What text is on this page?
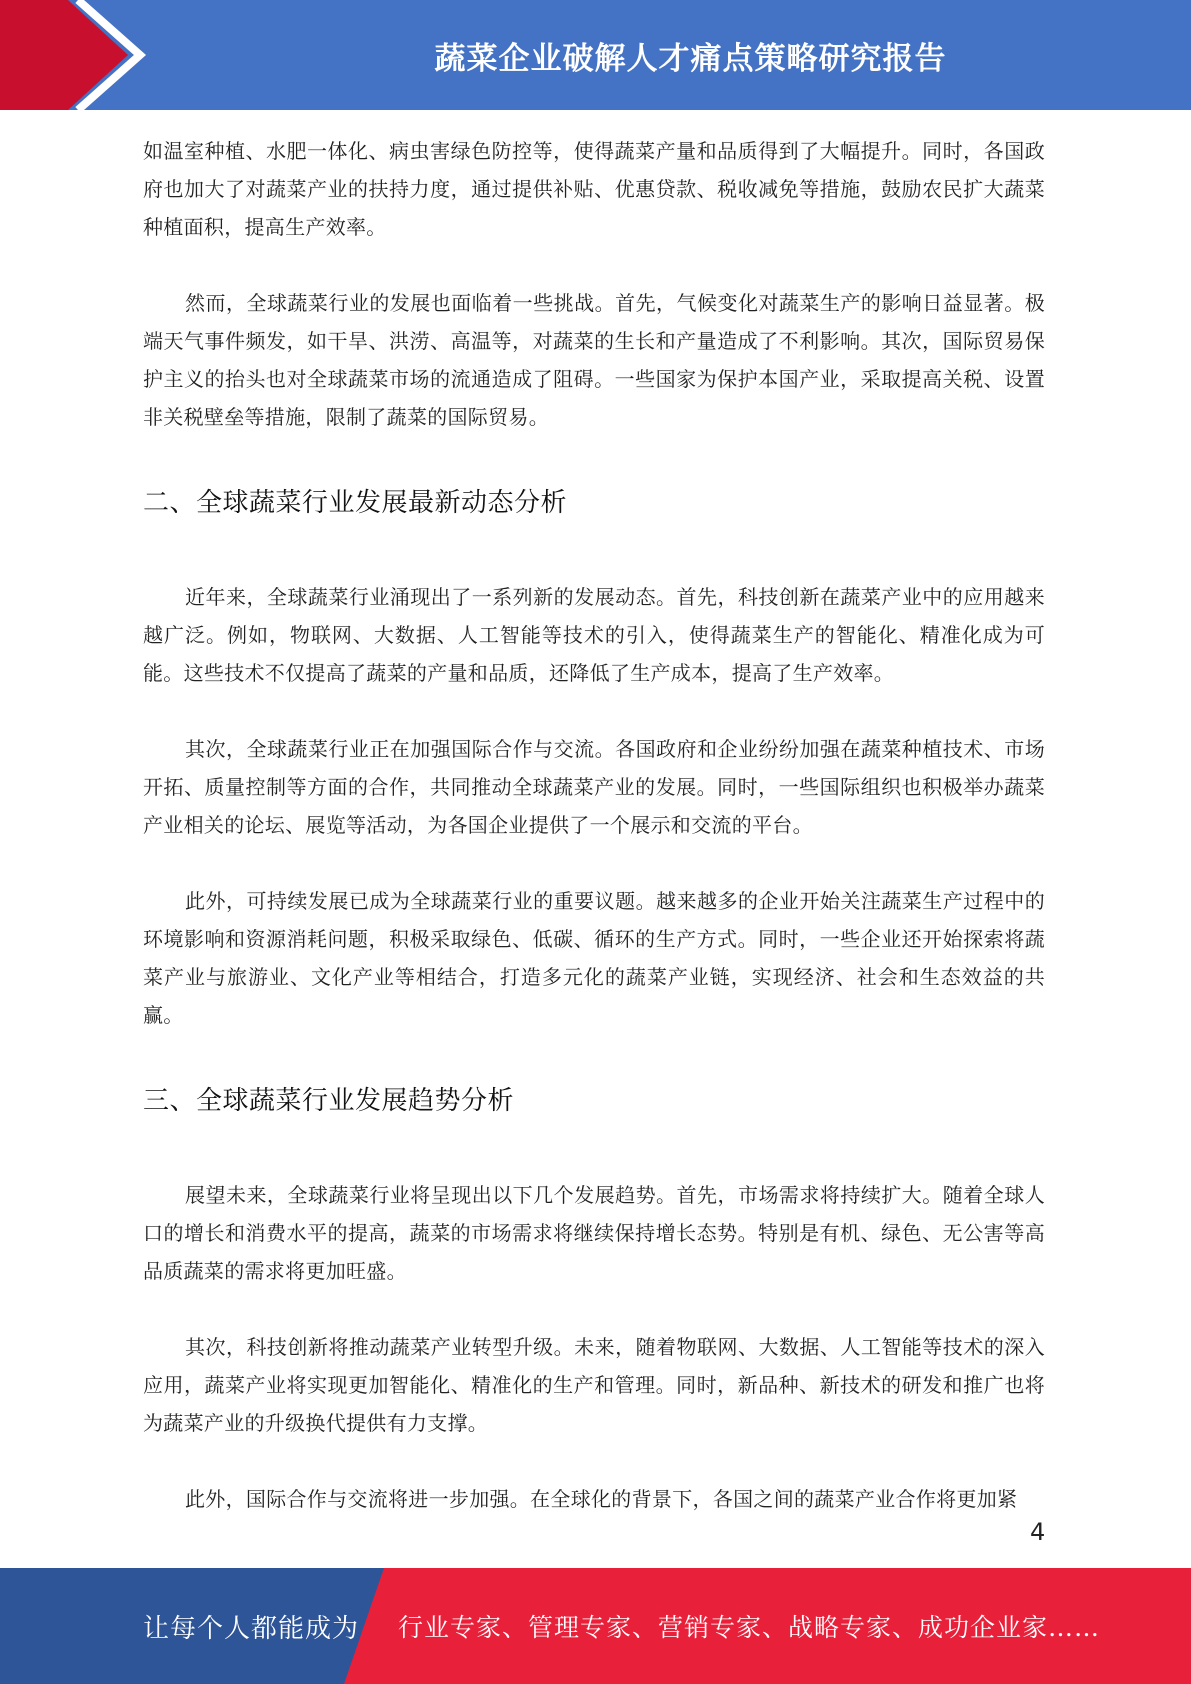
蔬菜企业破解人才痛点策略研究报告

如温室种植、水肥一体化、病虫害绿色防控等，使得蔬菜产量和品质得到了大幅提升。同时，各国政府也加大了对蔬菜产业的扶持力度，通过提供补贴、优惠贷款、税收减免等措施，鼓励农民扩大蔬菜种植面积，提高生产效率。

然而，全球蔬菜行业的发展也面临着一些挑战。首先，气候变化对蔬菜生产的影响日益显著。极端天气事件频发，如干旱、洪涝、高温等，对蔬菜的生长和产量造成了不利影响。其次，国际贸易保护主义的抬头也对全球蔬菜市场的流通造成了阻碍。一些国家为保护本国产业，采取提高关税、设置非关税壁垒等措施，限制了蔬菜的国际贸易。

二、全球蔬菜行业发展最新动态分析

近年来，全球蔬菜行业涌现出了一系列新的发展动态。首先，科技创新在蔬菜产业中的应用越来越广泛。例如，物联网、大数据、人工智能等技术的引入，使得蔬菜生产的智能化、精准化成为可能。这些技术不仅提高了蔬菜的产量和品质，还降低了生产成本，提高了生产效率。

其次，全球蔬菜行业正在加强国际合作与交流。各国政府和企业纷纷加强在蔬菜种植技术、市场开拓、质量控制等方面的合作，共同推动全球蔬菜产业的发展。同时，一些国际组织也积极举办蔬菜产业相关的论坛、展览等活动，为各国企业提供了一个展示和交流的平台。

此外，可持续发展已成为全球蔬菜行业的重要议题。越来越多的企业开始关注蔬菜生产过程中的环境影响和资源消耗问题，积极采取绿色、低碳、循环的生产方式。同时，一些企业还开始探索将蔬菜产业与旅游业、文化产业等相结合，打造多元化的蔬菜产业链，实现经济、社会和生态效益的共赢。

三、全球蔬菜行业发展趋势分析

展望未来，全球蔬菜行业将呈现出以下几个发展趋势。首先，市场需求将持续扩大。随着全球人口的增长和消费水平的提高，蔬菜的市场需求将继续保持增长态势。特别是有机、绿色、无公害等高品质蔬菜的需求将更加旺盛。

其次，科技创新将推动蔬菜产业转型升级。未来，随着物联网、大数据、人工智能等技术的深入应用，蔬菜产业将实现更加智能化、精准化的生产和管理。同时，新品种、新技术的研发和推广也将为蔬菜产业的升级换代提供有力支撑。

此外，国际合作与交流将进一步加强。在全球化的背景下，各国之间的蔬菜产业合作将更加紧

4
让每个人都能成为 行业专家、管理专家、营销专家、战略专家、成功企业家……
